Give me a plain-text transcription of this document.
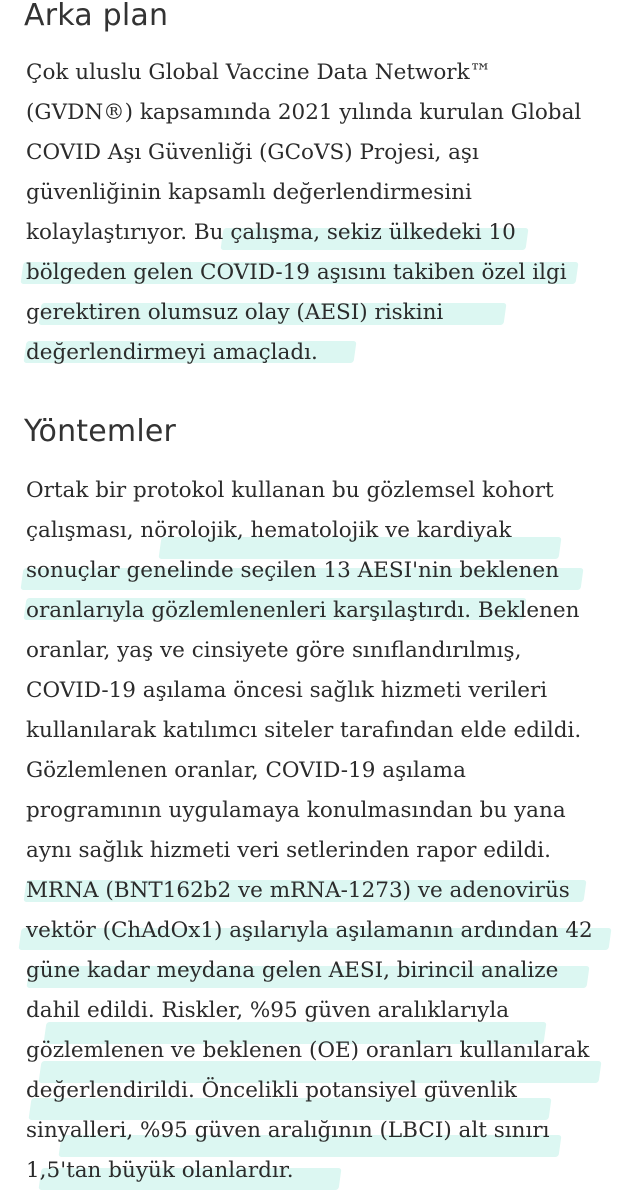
Arka plan
Çok uluslu Global Vaccine Data Network™
(GVDN®) kapsamında 2021 yılında kurulan Global
COVID Aşı Güvenliği (GCoVS) Projesi, aşı
güvenliğinin kapsamlı değerlendirmesini
kolaylaştırıyor. Bu çalışma, sekiz ülkedeki 10
bölgeden gelen COVID-19 aşısını takiben özel ilgi
gerektiren olumsuz olay (AESI) riskini
değerlendirmeyi amaçladı.
Yöntemler
Ortak bir protokol kullanan bu gözlemsel kohort
çalışması, nörolojik, hematolojik ve kardiyak
sonuçlar genelinde seçilen 13 AESI'nin beklenen
oranlarıyla gözlemlenenleri karşılaştırdı. Beklenen
oranlar, yaş ve cinsiyete göre sınıflandırılmış,
COVID-19 aşılama öncesi sağlık hizmeti verileri
kullanılarak katılımcı siteler tarafından elde edildi.
Gözlemlenen oranlar, COVID-19 aşılama
programının uygulamaya konulmasından bu yana
aynı sağlık hizmeti veri setlerinden rapor edildi.
MRNA (BNT162b2 ve mRNA-1273) ve adenovirüs
vektör (ChAdOx1) aşılarıyla aşılamanın ardından 42
güne kadar meydana gelen AESI, birincil analize
dahil edildi. Riskler, %95 güven aralıklarıyla
gözlemlenen ve beklenen (OE) oranları kullanılarak
değerlendirildi. Öncelikli potansiyel güvenlik
sinyalleri, %95 güven aralığının (LBCI) alt sınırı
1,5'tan büyük olanlardır.
